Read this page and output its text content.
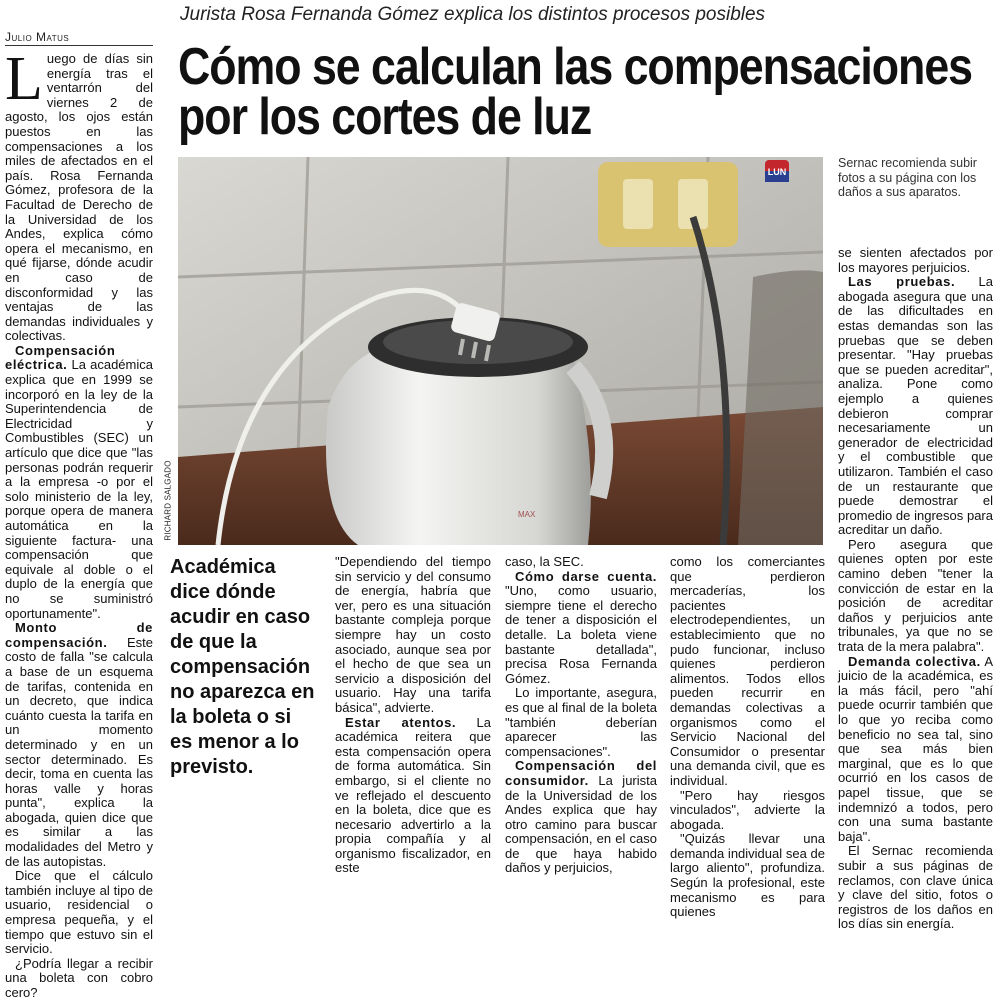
Jurista Rosa Fernanda Gómez explica los distintos procesos posibles
Julio Matus
Cómo se calculan las compensaciones
por los cortes de luz

Luego de días sin energía tras el ventarrón del viernes 2 de agosto, los ojos están puestos en las compensaciones a los miles de afectados en el país. Rosa Fernanda Gómez, profesora de la Facultad de Derecho de la Universidad de los Andes, explica cómo opera el mecanismo, en qué fijarse, dónde acudir en caso de disconformidad y las ventajas de las demandas individuales y colectivas.

Compensación eléctrica. La académica explica que en 1999 se incorporó en la ley de la Superintendencia de Electricidad y Combustibles (SEC) un artículo que dice que "las personas podrán requerir a la empresa -o por el solo ministerio de la ley, porque opera de manera automática en la siguiente factura- una compensación que equivale al doble o el duplo de la energía que no se suministró oportunamente".

Monto de compensación. Este costo de falla "se calcula a base de un esquema de tarifas, contenida en un decreto, que indica cuánto cuesta la tarifa en un momento determinado y en un sector determinado. Es decir, toma en cuenta las horas valle y horas punta", explica la abogada, quien dice que es similar a las modalidades del Metro y de las autopistas.

Dice que el cálculo también incluye al tipo de usuario, residencial o empresa pequeña, y el tiempo que estuvo sin el servicio.

¿Podría llegar a recibir una boleta con cobro cero?

MAX
LUN
RICHARD SALGADO
Sernac recomienda subir fotos a su página con los daños a sus aparatos.

se sienten afectados por los mayores perjuicios.

Las pruebas. La abogada asegura que una de las dificultades en estas demandas son las pruebas que se deben presentar. "Hay pruebas que se pueden acreditar", analiza. Pone como ejemplo a quienes debieron comprar necesariamente un generador de electricidad y el combustible que utilizaron. También el caso de un restaurante que puede demostrar el promedio de ingresos para acreditar un daño.

Pero asegura que quienes opten por este camino deben "tener la convicción de estar en la posición de acreditar daños y perjuicios ante tribunales, ya que no se trata de la mera palabra".

Demanda colectiva. A juicio de la académica, es la más fácil, pero "ahí puede ocurrir también que lo que yo reciba como beneficio no sea tal, sino que sea más bien marginal, que es lo que ocurrió en los casos de papel tissue, que se indemnizó a todos, pero con una suma bastante baja".

El Sernac recomienda subir a sus páginas de reclamos, con clave única y clave del sitio, fotos o registros de los daños en los días sin energía.

Académica dice dónde acudir en caso de que la compensación no aparezca en la boleta o si es menor a lo previsto.

"Dependiendo del tiempo sin servicio y del consumo de energía, habría que ver, pero es una situación bastante compleja porque siempre hay un costo asociado, aunque sea por el hecho de que sea un servicio a disposición del usuario. Hay una tarifa básica", advierte.

Estar atentos. La académica reitera que esta compensación opera de forma automática. Sin embargo, si el cliente no ve reflejado el descuento en la boleta, dice que es necesario advertirlo a la propia compañía y al organismo fiscalizador, en este

caso, la SEC.

Cómo darse cuenta. "Uno, como usuario, siempre tiene el derecho de tener a disposición el detalle. La boleta viene bastante detallada", precisa Rosa Fernanda Gómez.

Lo importante, asegura, es que al final de la boleta "también deberían aparecer las compensaciones".

Compensación del consumidor. La jurista de la Universidad de los Andes explica que hay otro camino para buscar compensación, en el caso de que haya habido daños y perjuicios,

como los comerciantes que perdieron mercaderías, los pacientes electrodependientes, un establecimiento que no pudo funcionar, incluso quienes perdieron alimentos. Todos ellos pueden recurrir en demandas colectivas a organismos como el Servicio Nacional del Consumidor o presentar una demanda civil, que es individual.

"Pero hay riesgos vinculados", advierte la abogada.

"Quizás llevar una demanda individual sea de largo aliento", profundiza. Según la profesional, este mecanismo es para quienes
